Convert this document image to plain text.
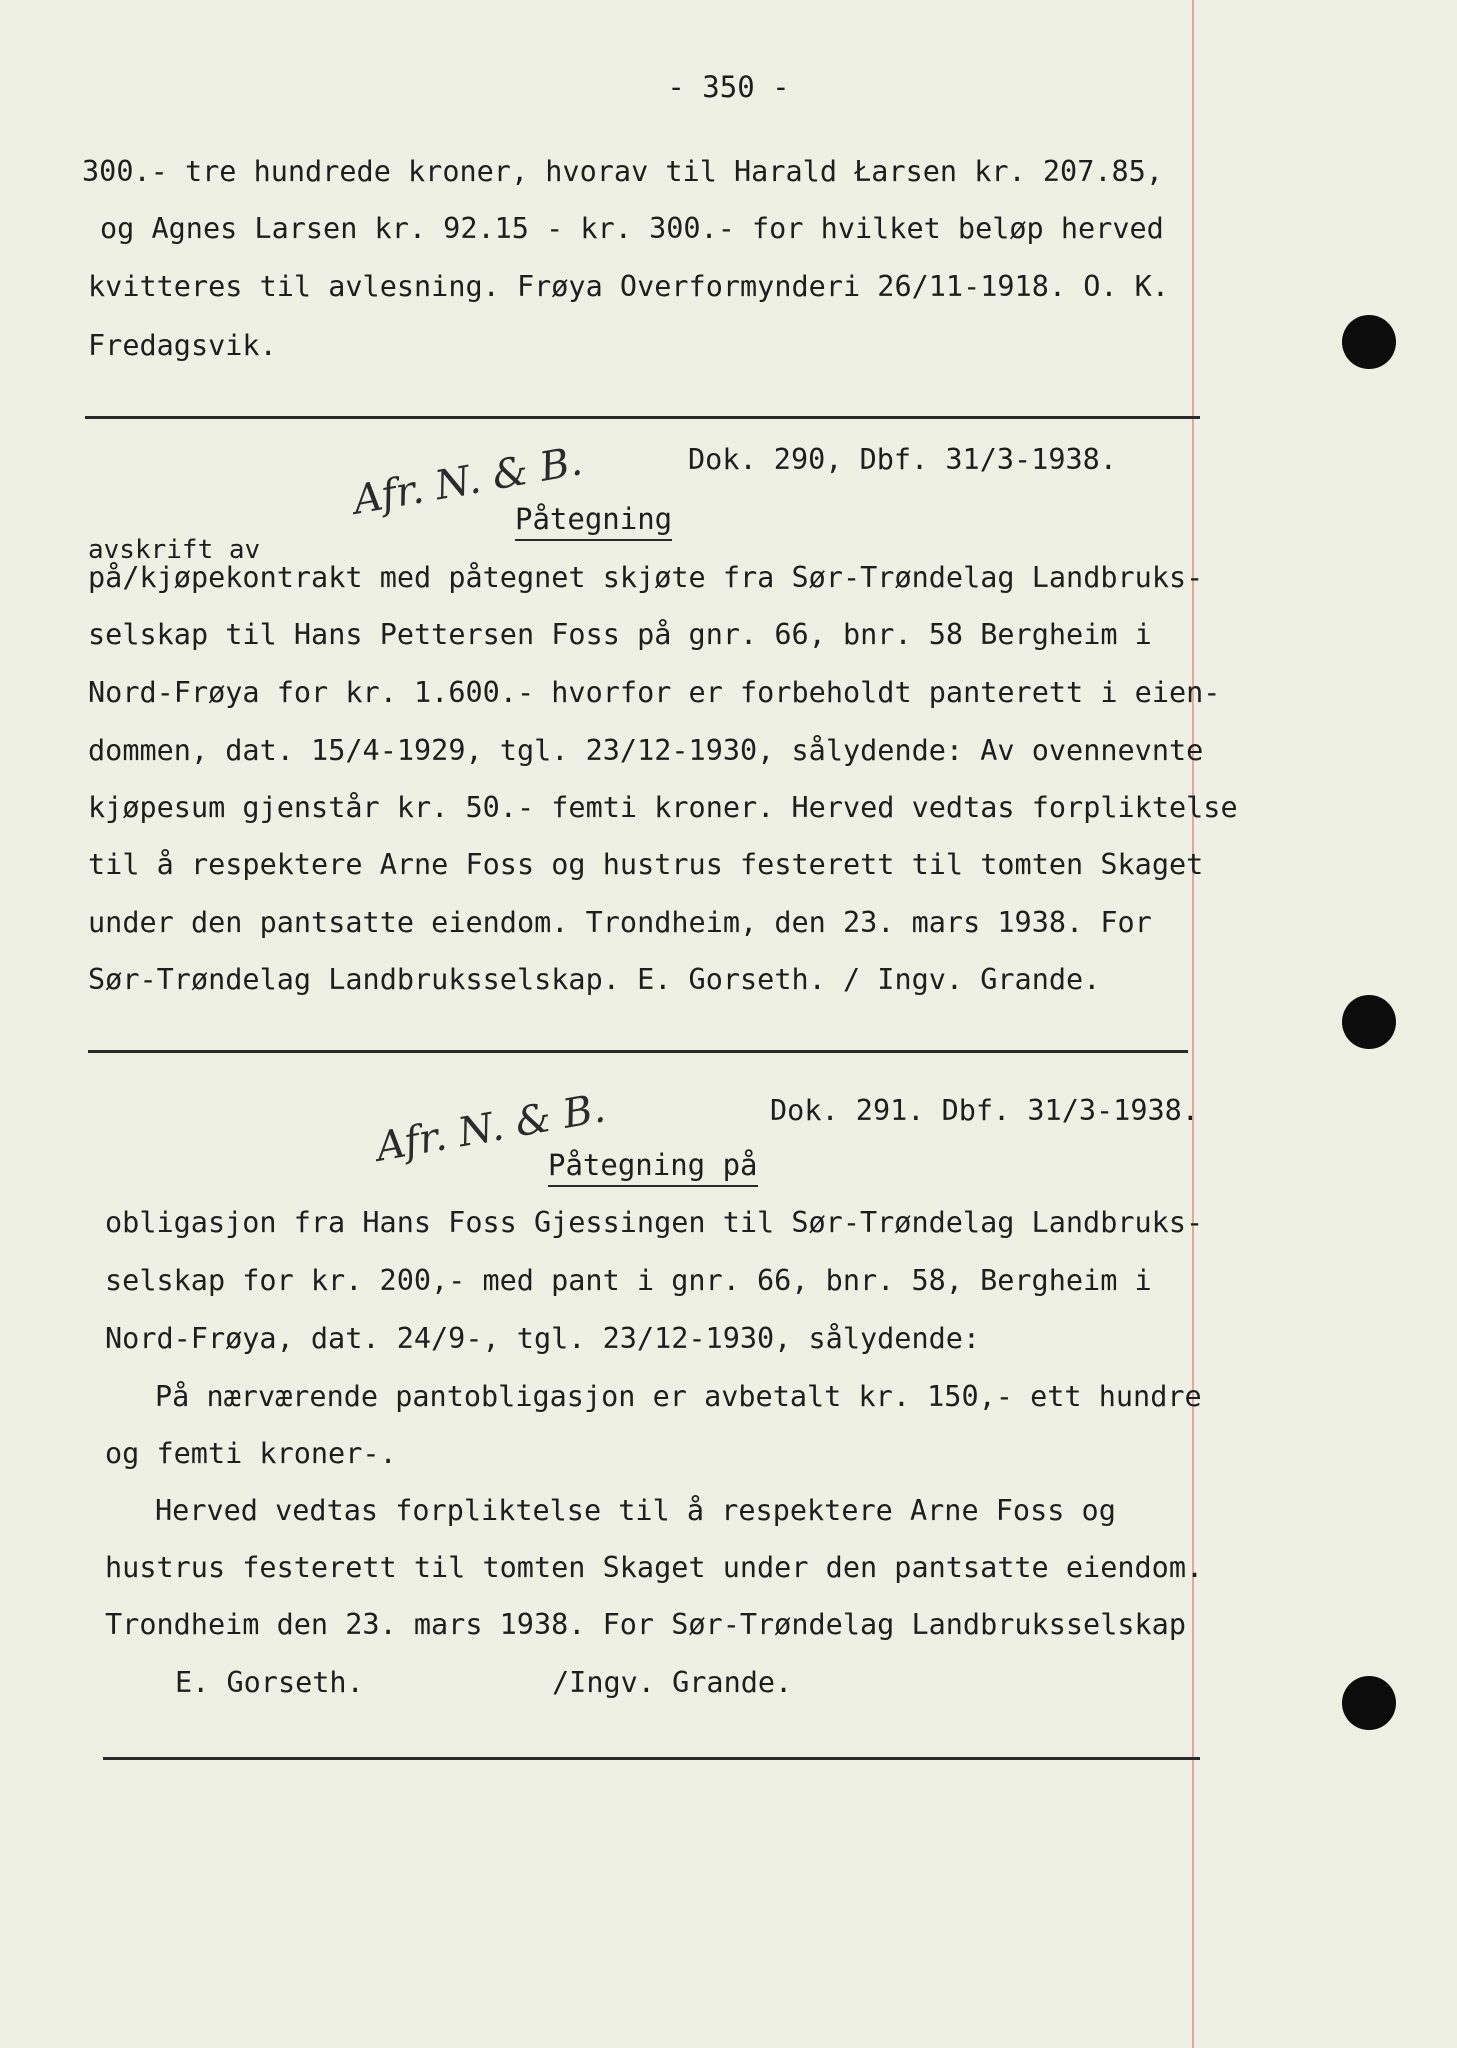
- 350 -
300.- tre hundrede kroner, hvorav til Harald Łarsen kr. 207.85,
og Agnes Larsen kr. 92.15 - kr. 300.- for hvilket beløp herved
kvitteres til avlesning. Frøya Overformynderi 26/11-1918. O. K.
Fredagsvik.
Afr. N. & B.	Dok. 290, Dbf. 31/3-1938.
Påtegning
avskrift av
på/kjøpekontrakt med påtegnet skjøte fra Sør-Trøndelag Landbruks-
selskap til Hans Pettersen Foss på gnr. 66, bnr. 58 Bergheim i
Nord-Frøya for kr. 1.600.- hvorfor er forbeholdt panterett i eien-
dommen, dat. 15/4-1929, tgl. 23/12-1930, sålydende: Av ovennevnte
kjøpesum gjenstår kr. 50.- femti kroner. Herved vedtas forpliktelse
til å respektere Arne Foss og hustrus festerett til tomten Skaget
under den pantsatte eiendom. Trondheim, den 23. mars 1938. For
Sør-Trøndelag Landbruksselskap. E. Gorseth. / Ingv. Grande.
Afr. N. & B.	Dok. 291. Dbf. 31/3-1938.
Påtegning på
obligasjon fra Hans Foss Gjessingen til Sør-Trøndelag Landbruks-
selskap for kr. 200,- med pant i gnr. 66, bnr. 58, Bergheim i
Nord-Frøya, dat. 24/9-, tgl. 23/12-1930, sålydende:
På nærværende pantobligasjon er avbetalt kr. 150,- ett hundre
og femti kroner-.
Herved vedtas forpliktelse til å respektere Arne Foss og
hustrus festerett til tomten Skaget under den pantsatte eiendom.
Trondheim den 23. mars 1938. For Sør-Trøndelag Landbruksselskap
E. Gorseth.	/Ingv. Grande.
